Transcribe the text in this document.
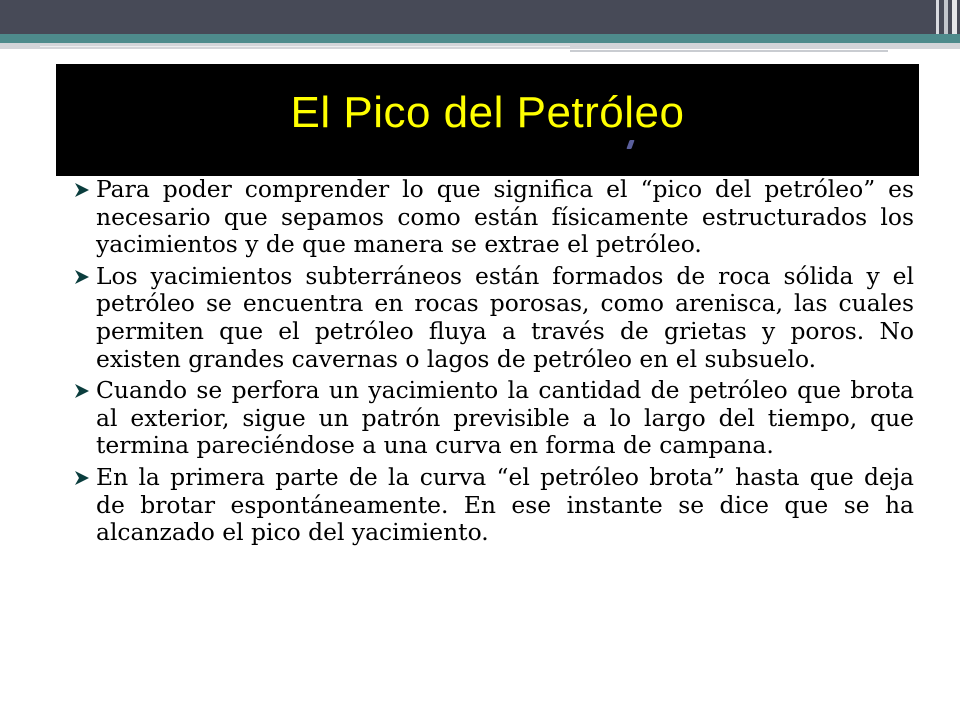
El Pico del Petróleo
Para poder comprender lo que significa el “pico del petróleo” es necesario que sepamos como están físicamente estructurados los yacimientos y de que manera se extrae el petróleo.
Los yacimientos subterráneos están formados de roca sólida y el petróleo se encuentra en rocas porosas, como arenisca, las cuales permiten que el petróleo fluya a través de grietas y poros. No existen grandes cavernas o lagos de petróleo en el subsuelo.
Cuando se perfora un yacimiento la cantidad de petróleo que brota al exterior, sigue un patrón previsible a lo largo del tiempo, que termina pareciéndose a una curva en forma de campana.
En la primera parte de la curva “el petróleo brota” hasta que deja de brotar espontáneamente. En ese instante se dice que se ha alcanzado el pico del yacimiento.
